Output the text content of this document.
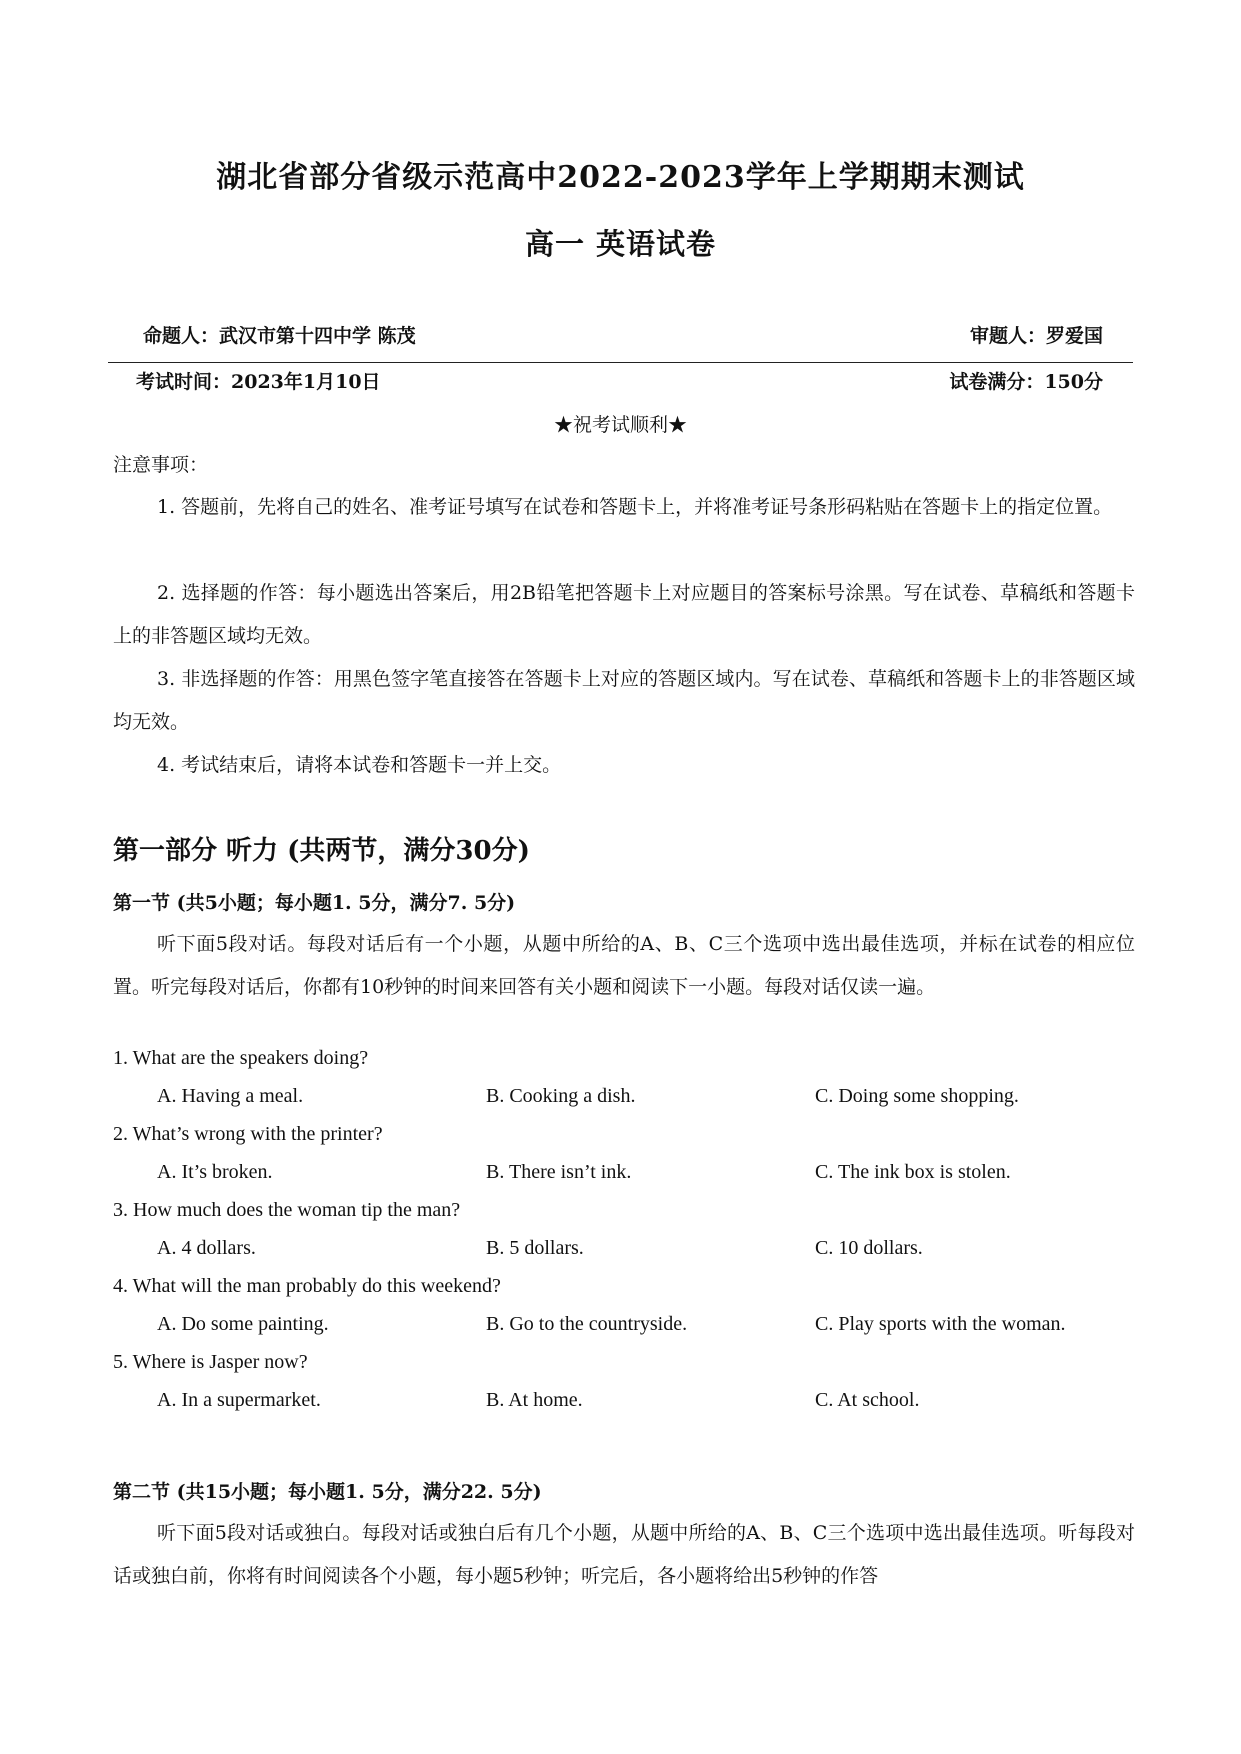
湖北省部分省级示范高中2022-2023学年上学期期末测试
高一 英语试卷
命题人：武汉市第十四中学 陈茂	审题人：罗爱国
考试时间：2023年1月10日	试卷满分：150分
★祝考试顺利★
注意事项：
1. 答题前，先将自己的姓名、准考证号填写在试卷和答题卡上，并将准考证号条形码粘贴在答题卡上的指定位置。
2. 选择题的作答：每小题选出答案后，用2B铅笔把答题卡上对应题目的答案标号涂黑。写在试卷、草稿纸和答题卡上的非答题区域均无效。
3. 非选择题的作答：用黑色签字笔直接答在答题卡上对应的答题区域内。写在试卷、草稿纸和答题卡上的非答题区域均无效。
4. 考试结束后，请将本试卷和答题卡一并上交。
第一部分 听力 (共两节，满分30分)
第一节 (共5小题；每小题1. 5分，满分7. 5分)
听下面5段对话。每段对话后有一个小题，从题中所给的A、B、C三个选项中选出最佳选项，并标在试卷的相应位置。听完每段对话后，你都有10秒钟的时间来回答有关小题和阅读下一小题。每段对话仅读一遍。
1. What are the speakers doing?
A. Having a meal.	B. Cooking a dish.	C. Doing some shopping.
2. What’s wrong with the printer?
A. It’s broken.	B. There isn’t ink.	C. The ink box is stolen.
3. How much does the woman tip the man?
A. 4 dollars.	B. 5 dollars.	C. 10 dollars.
4. What will the man probably do this weekend?
A. Do some painting.	B. Go to the countryside.	C. Play sports with the woman.
5. Where is Jasper now?
A. In a supermarket.	B. At home.	C. At school.
第二节 (共15小题；每小题1. 5分，满分22. 5分)
听下面5段对话或独白。每段对话或独白后有几个小题，从题中所给的A、B、C三个选项中选出最佳选项。听每段对话或独白前，你将有时间阅读各个小题，每小题5秒钟；听完后，各小题将给出5秒钟的作答
